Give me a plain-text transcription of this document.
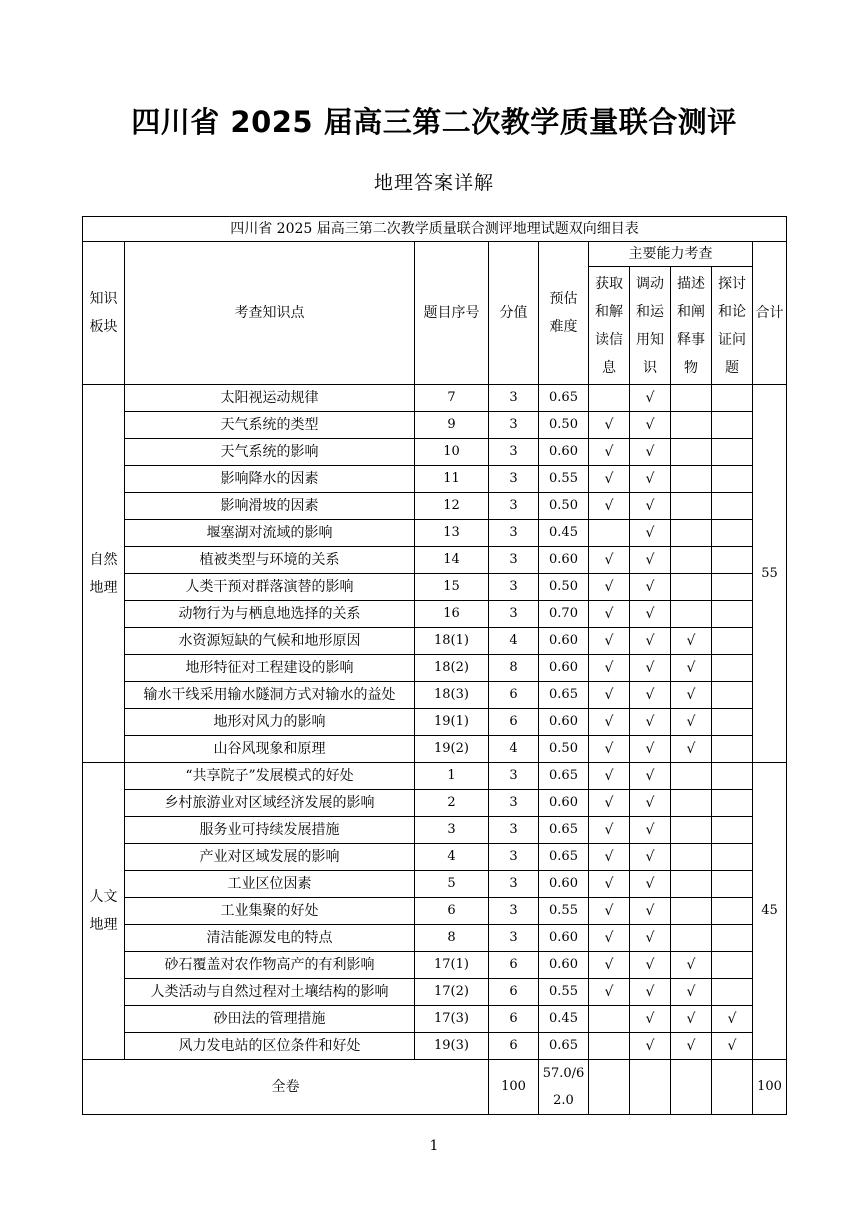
四川省 2025 届高三第二次教学质量联合测评
地理答案详解
四川省 2025 届高三第二次教学质量联合测评地理试题双向细目表									
知识板块	考查知识点	题目序号	分值	预估难度	主要能力考查				合计
					获取和解读信息	调动和运用知识	描述和阐释事物	探讨和论证问题	
自然地理	太阳视运动规律	7	3	0.65		√			55
	天气系统的类型	9	3	0.50	√	√			
	天气系统的影响	10	3	0.60	√	√			
	影响降水的因素	11	3	0.55	√	√			
	影响滑坡的因素	12	3	0.50	√	√			
	堰塞湖对流域的影响	13	3	0.45		√			
	植被类型与环境的关系	14	3	0.60	√	√			
	人类干预对群落演替的影响	15	3	0.50	√	√			
	动物行为与栖息地选择的关系	16	3	0.70	√	√			
	水资源短缺的气候和地形原因	18(1)	4	0.60	√	√	√		
	地形特征对工程建设的影响	18(2)	8	0.60	√	√	√		
	输水干线采用输水隧洞方式对输水的益处	18(3)	6	0.65	√	√	√		
	地形对风力的影响	19(1)	6	0.60	√	√	√		
	山谷风现象和原理	19(2)	4	0.50	√	√	√		
人文地理	“共享院子”发展模式的好处	1	3	0.65	√	√			45
	乡村旅游业对区域经济发展的影响	2	3	0.60	√	√			
	服务业可持续发展措施	3	3	0.65	√	√			
	产业对区域发展的影响	4	3	0.65	√	√			
	工业区位因素	5	3	0.60	√	√			
	工业集聚的好处	6	3	0.55	√	√			
	清洁能源发电的特点	8	3	0.60	√	√			
	砂石覆盖对农作物高产的有利影响	17(1)	6	0.60	√	√	√		
	人类活动与自然过程对土壤结构的影响	17(2)	6	0.55	√	√	√		
	砂田法的管理措施	17(3)	6	0.45		√	√	√	
	风力发电站的区位条件和好处	19(3)	6	0.65		√	√	√	
全卷			100	57.0/62.0					100
1
